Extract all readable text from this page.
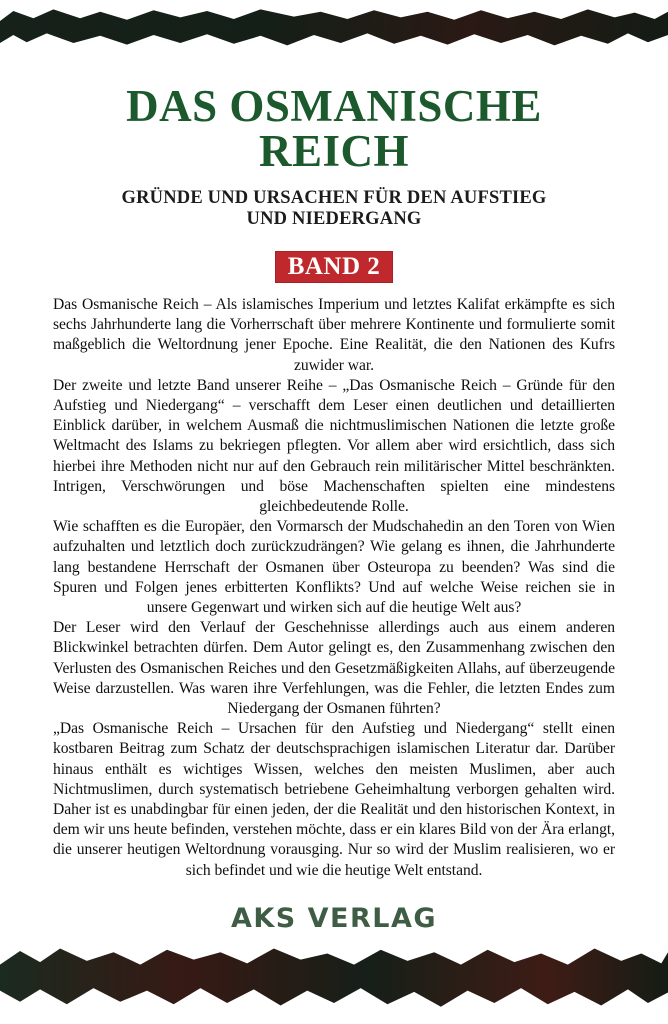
DAS OSMANISCHE
REICH
GRÜNDE UND URSACHEN FÜR DEN AUFSTIEG
UND NIEDERGANG
BAND 2

Das Osmanische Reich – Als islamisches Imperium und letztes Kalifat erkämpfte es sich sechs Jahrhunderte lang die Vorherrschaft über mehrere Kontinente und formulierte somit maßgeblich die Weltordnung jener Epoche. Eine Realität, die den Nationen des Kufrs zuwider war.

Der zweite und letzte Band unserer Reihe – „Das Osmanische Reich – Gründe für den Aufstieg und Niedergang“ – verschafft dem Leser einen deutlichen und detaillierten Einblick darüber, in welchem Ausmaß die nichtmuslimischen Nationen die letzte große Weltmacht des Islams zu bekriegen pflegten. Vor allem aber wird ersichtlich, dass sich hierbei ihre Methoden nicht nur auf den Gebrauch rein militärischer Mittel beschränkten. Intrigen, Verschwörungen und böse Machenschaften spielten eine mindestens gleichbedeutende Rolle.

Wie schafften es die Europäer, den Vormarsch der Mudschahedin an den Toren von Wien aufzuhalten und letztlich doch zurückzudrängen? Wie gelang es ihnen, die Jahrhunderte lang bestandene Herrschaft der Osmanen über Osteuropa zu beenden? Was sind die Spuren und Folgen jenes erbitterten Konflikts? Und auf welche Weise reichen sie in unsere Gegenwart und wirken sich auf die heutige Welt aus?

Der Leser wird den Verlauf der Geschehnisse allerdings auch aus einem anderen Blickwinkel betrachten dürfen. Dem Autor gelingt es, den Zusammenhang zwischen den Verlusten des Osmanischen Reiches und den Gesetzmäßigkeiten Allahs, auf überzeugende Weise darzustellen. Was waren ihre Verfehlungen, was die Fehler, die letzten Endes zum Niedergang der Osmanen führten?

„Das Osmanische Reich – Ursachen für den Aufstieg und Niedergang“ stellt einen kostbaren Beitrag zum Schatz der deutschsprachigen islamischen Literatur dar. Darüber hinaus enthält es wichtiges Wissen, welches den meisten Muslimen, aber auch Nichtmuslimen, durch systematisch betriebene Geheimhaltung verborgen gehalten wird. Daher ist es unabdingbar für einen jeden, der die Realität und den historischen Kontext, in dem wir uns heute befinden, verstehen möchte, dass er ein klares Bild von der Ära erlangt, die unserer heutigen Weltordnung vorausging. Nur so wird der Muslim realisieren, wo er sich befindet und wie die heutige Welt entstand.

AKS VERLAG
